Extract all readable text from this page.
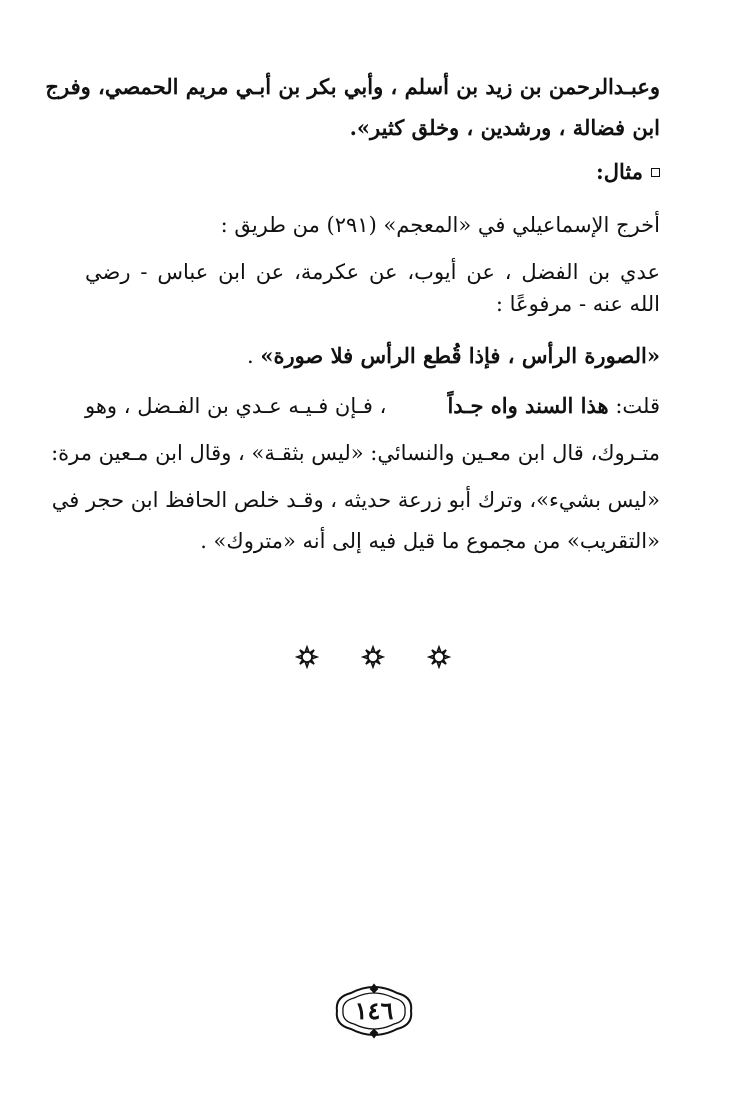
وعبـدالرحمن بن زيد بن أسلم ، وأبي بكر بن أبـي مريم الحمصي، وفرج
ابن فضالة ، ورشدين ، وخلق كثير».
مثال:
أخرج الإسماعيلي في «المعجم» (٢٩١) من طريق :
عدي بن الفضل ، عن أيوب، عن عكرمة، عن ابن عباس - رضي
الله عنه - مرفوعًا :
«الصورة الرأس ، فإذا قُطع الرأس فلا صورة» .
قلت: هذا السند واه جـداً
، فـإن فـيـه عـدي بن الفـضل ، وهو
متـروك، قال ابن معـين والنسائي: «ليس بثقـة» ، وقال ابن مـعين مرة:
«ليس بشيء»، وترك أبو زرعة حديثه ، وقـد خلص الحافظ ابن حجر في
«التقريب» من مجموع ما قيل فيه إلى أنه «متروك» .
١٤٦
